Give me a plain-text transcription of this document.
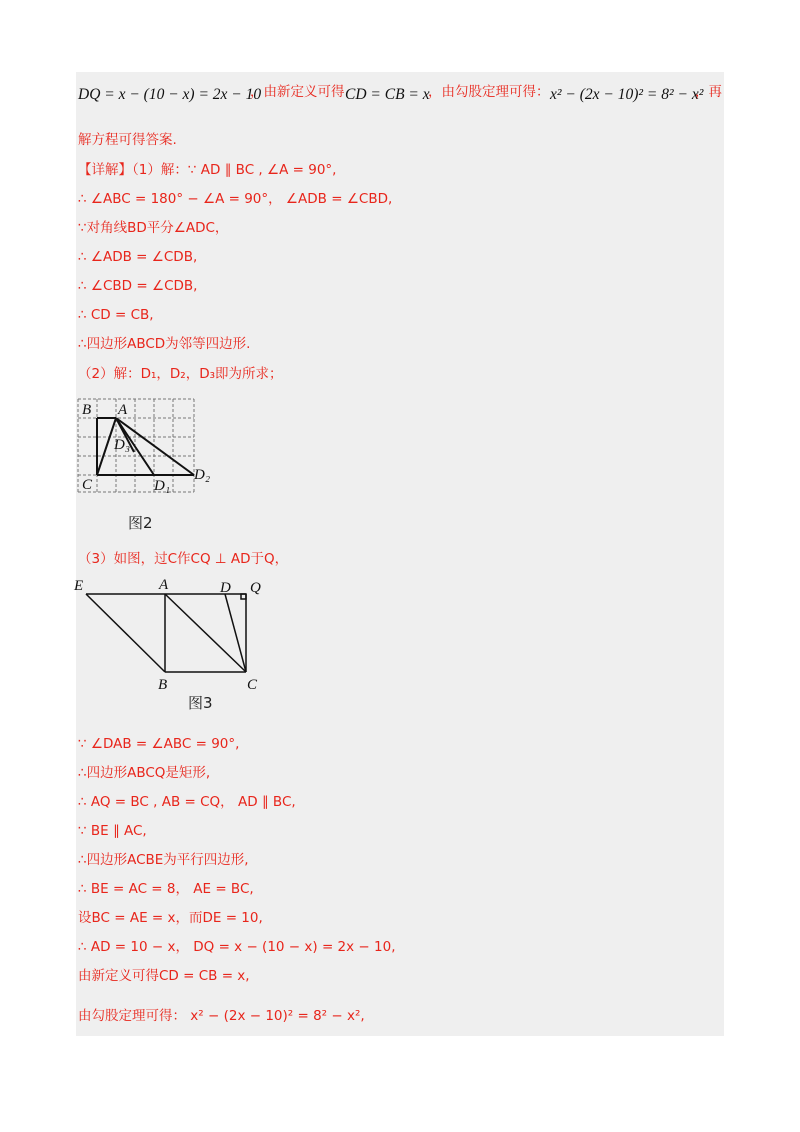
DQ = x − (10 − x) = 2x − 10
，由新定义可得 CD = CB = x
，由勾股定理可得： x² − (2x − 10)² = 8² − x²
，再
解方程可得答案.
【详解】（1）解：∵ AD ∥ BC , ∠A = 90°,
∴ ∠ABC = 180° − ∠A = 90°， ∠ADB = ∠CBD,
∵对角线BD平分∠ADC，
∴ ∠ADB = ∠CDB,
∴ ∠CBD = ∠CDB,
∴ CD = CB,
∴四边形ABCD为邻等四边形.
（2）解：D₁，D₂，D₃即为所求；
B A
D₃
C	D₁
D₂
图2
（3）如图，过C作CQ ⊥ AD于Q，
E	A	D Q
B	C
图3
∵ ∠DAB = ∠ABC = 90°,
∴四边形ABCQ是矩形,
∴ AQ = BC , AB = CQ， AD ∥ BC,
∵ BE ∥ AC,
∴四边形ACBE为平行四边形,
∴ BE = AC = 8， AE = BC,
设BC = AE = x，而DE = 10,
∴ AD = 10 − x， DQ = x − (10 − x) = 2x − 10,
由新定义可得CD = CB = x,
由勾股定理可得： x² − (2x − 10)² = 8² − x²,
